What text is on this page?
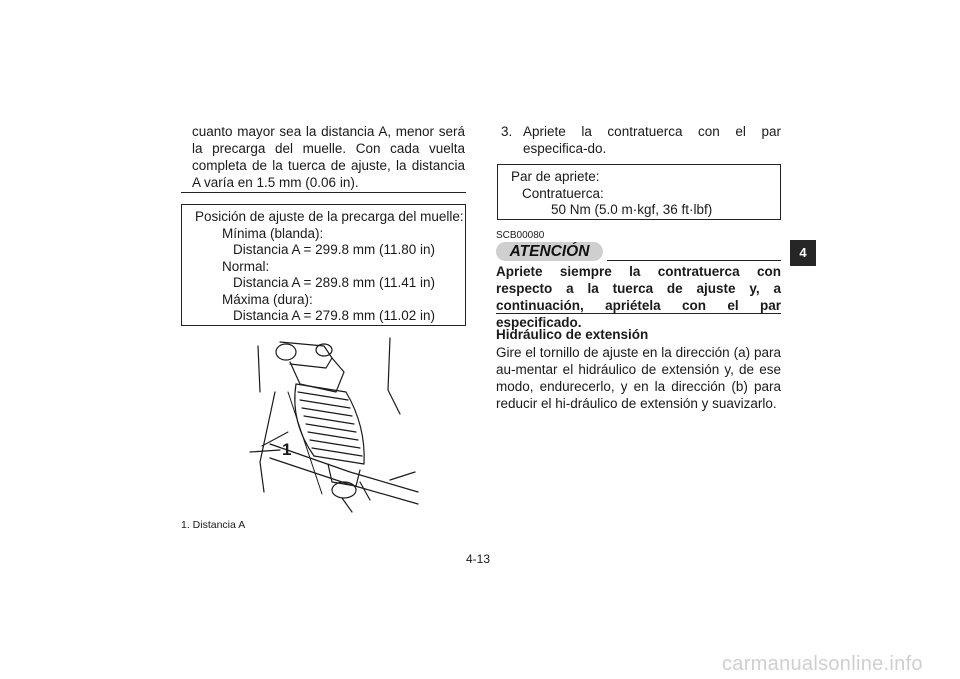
4
cuanto mayor sea la distancia A, menor será la precarga del muelle. Con cada vuelta completa de la tuerca de ajuste, la distancia A varía en 1.5 mm (0.06 in).
Posición de ajuste de la precarga del muelle:
Mínima (blanda):
Distancia A = 299.8 mm (11.80 in)
Normal:
Distancia A = 289.8 mm (11.41 in)
Máxima (dura):
Distancia A = 279.8 mm (11.02 in)
1
1. Distancia A
3. Apriete la contratuerca con el par especifica-do.
Par de apriete:
Contratuerca:
50 Nm (5.0 m·kgf, 36 ft·lbf)
SCB00080
ATENCIÓN
Apriete siempre la contratuerca con respecto a la tuerca de ajuste y, a continuación, apriétela con el par especificado.
Hidráulico de extensión
Gire el tornillo de ajuste en la dirección (a) para au-mentar el hidráulico de extensión y, de ese modo, endurecerlo, y en la dirección (b) para reducir el hi-dráulico de extensión y suavizarlo.
4-13
carmanualsonline.info
